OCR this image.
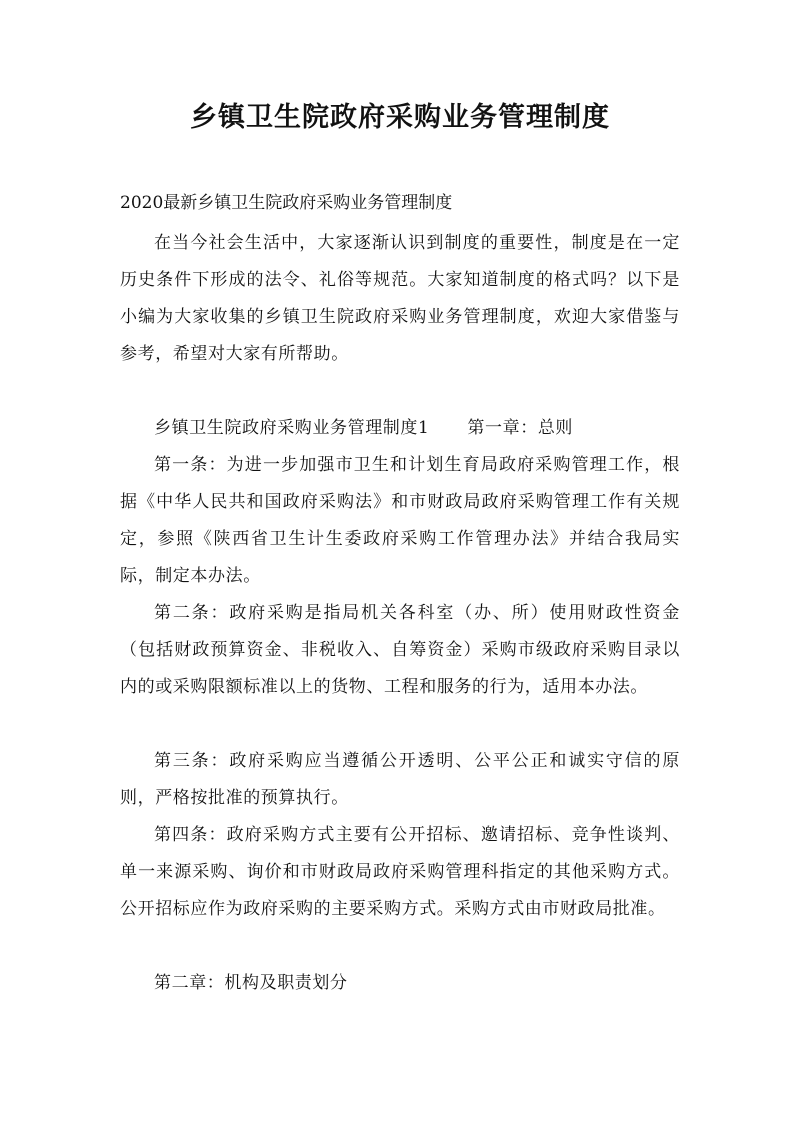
乡镇卫生院政府采购业务管理制度

2020最新乡镇卫生院政府采购业务管理制度

在当今社会生活中，大家逐渐认识到制度的重要性，制度是在一定历史条件下形成的法令、礼俗等规范。大家知道制度的格式吗？以下是小编为大家收集的乡镇卫生院政府采购业务管理制度，欢迎大家借鉴与参考，希望对大家有所帮助。

乡镇卫生院政府采购业务管理制度1 第一章：总则

第一条：为进一步加强市卫生和计划生育局政府采购管理工作，根据《中华人民共和国政府采购法》和市财政局政府采购管理工作有关规定，参照《陕西省卫生计生委政府采购工作管理办法》并结合我局实际，制定本办法。

第二条：政府采购是指局机关各科室（办、所）使用财政性资金（包括财政预算资金、非税收入、自筹资金）采购市级政府采购目录以内的或采购限额标准以上的货物、工程和服务的行为，适用本办法。

第三条：政府采购应当遵循公开透明、公平公正和诚实守信的原则，严格按批准的预算执行。

第四条：政府采购方式主要有公开招标、邀请招标、竞争性谈判、单一来源采购、询价和市财政局政府采购管理科指定的其他采购方式。公开招标应作为政府采购的主要采购方式。采购方式由市财政局批准。

第二章：机构及职责划分
